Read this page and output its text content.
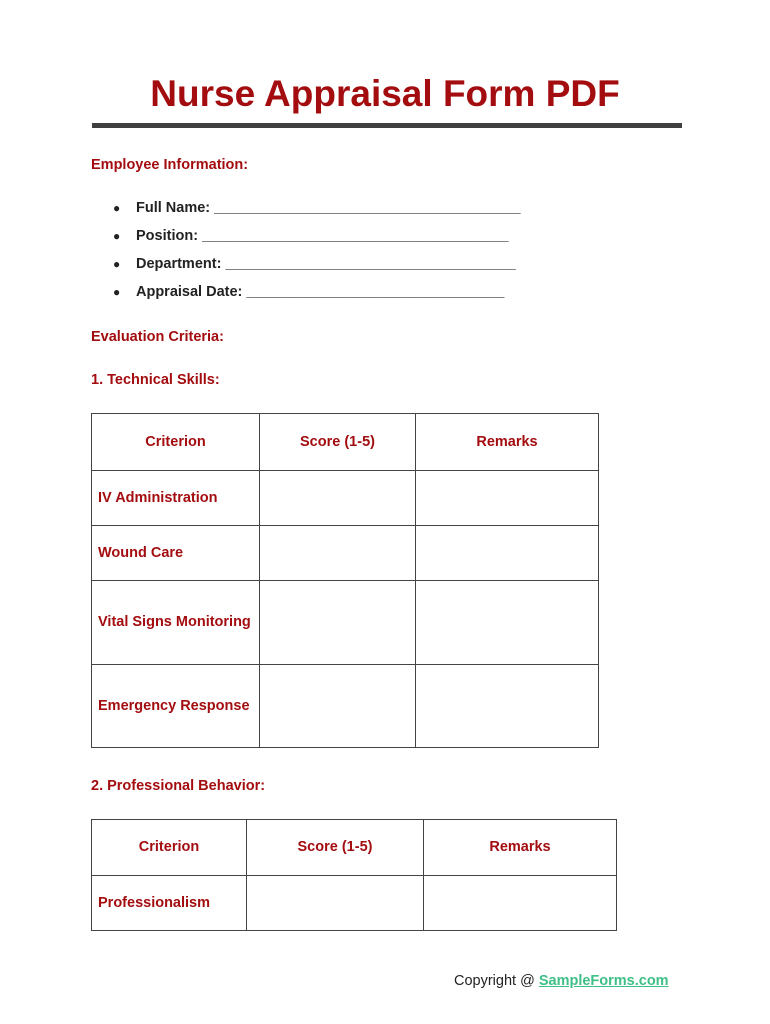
Nurse Appraisal Form PDF
Employee Information:
● Full Name: ______________________________________
● Position: ______________________________________
● Department: ____________________________________
● Appraisal Date: ________________________________
Evaluation Criteria:
1. Technical Skills:
Criterion	Score (1-5)	Remarks
IV Administration		
Wound Care		
Vital Signs Monitoring		
Emergency Response		
2. Professional Behavior:
Criterion	Score (1-5)	Remarks
Professionalism		
Copyright @ SampleForms.com
